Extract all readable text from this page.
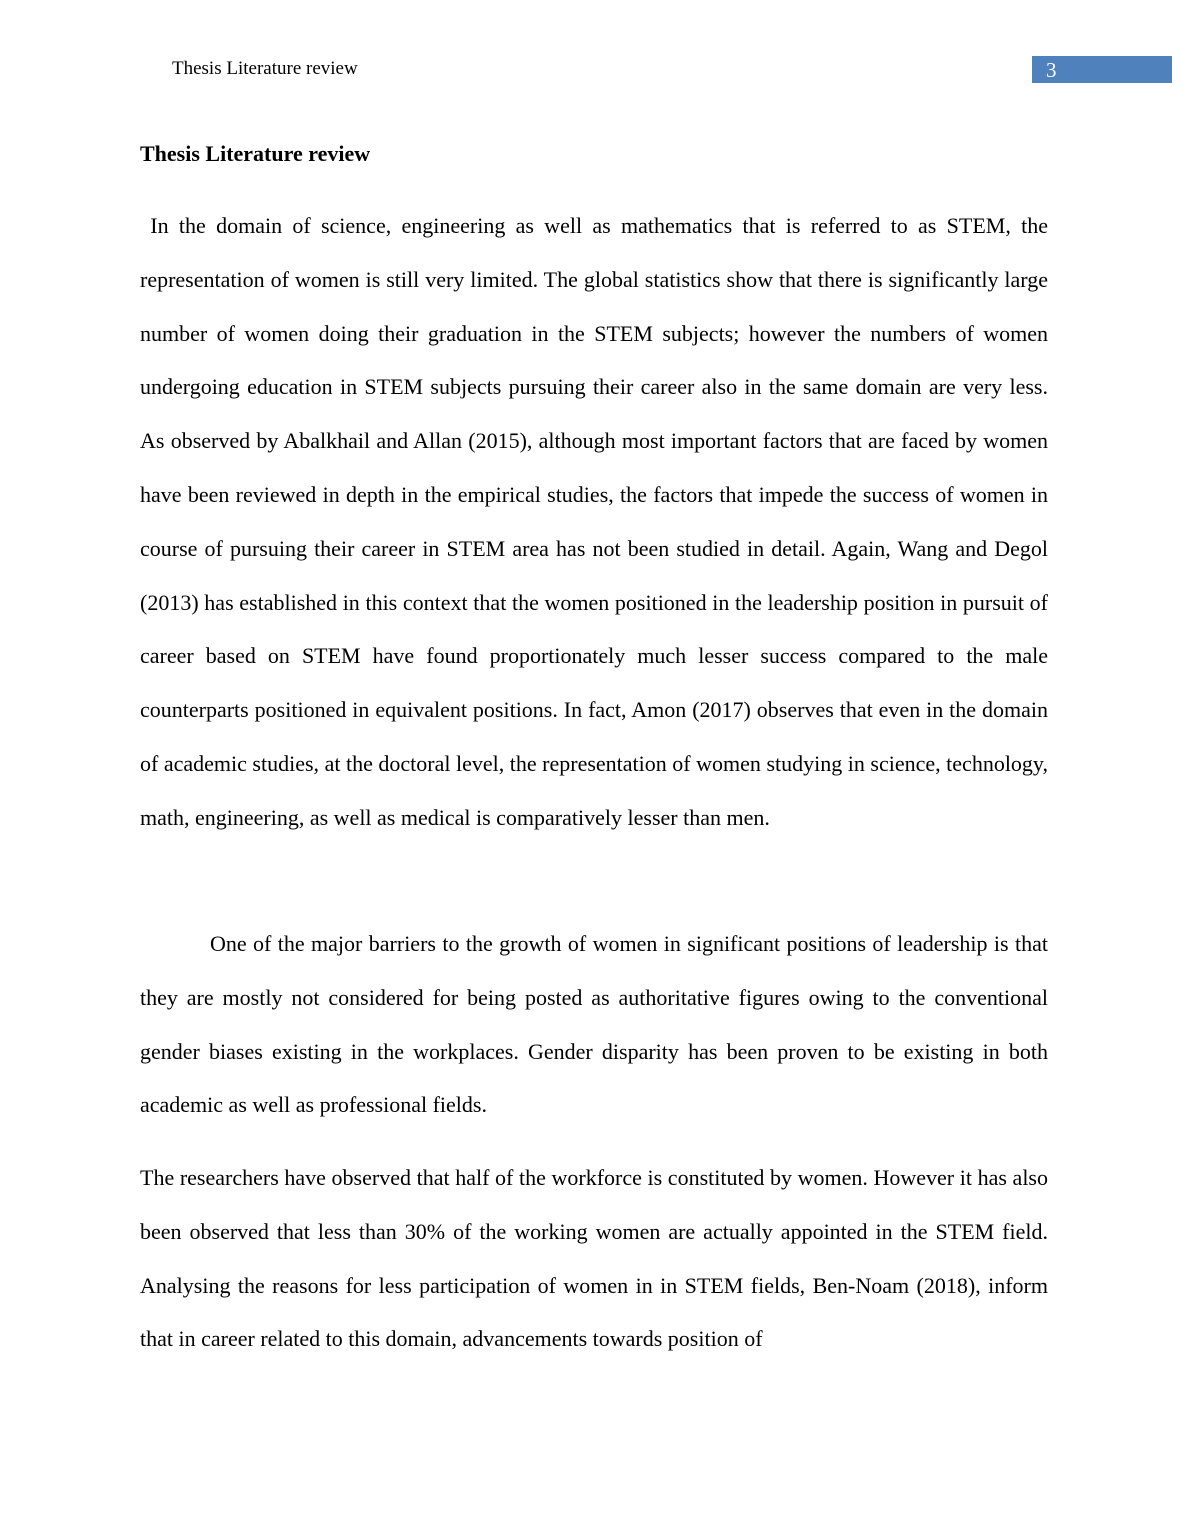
Thesis Literature review	3
Thesis Literature review

In the domain of science, engineering as well as mathematics that is referred to as STEM, the representation of women is still very limited. The global statistics show that there is significantly large number of women doing their graduation in the STEM subjects; however the numbers of women undergoing education in STEM subjects pursuing their career also in the same domain are very less. As observed by Abalkhail and Allan (2015), although most important factors that are faced by women have been reviewed in depth in the empirical studies, the factors that impede the success of women in course of pursuing their career in STEM area has not been studied in detail. Again, Wang and Degol (2013) has established in this context that the women positioned in the leadership position in pursuit of career based on STEM have found proportionately much lesser success compared to the male counterparts positioned in equivalent positions. In fact, Amon (2017) observes that even in the domain of academic studies, at the doctoral level, the representation of women studying in science, technology, math, engineering, as well as medical is comparatively lesser than men.

One of the major barriers to the growth of women in significant positions of leadership is that they are mostly not considered for being posted as authoritative figures owing to the conventional gender biases existing in the workplaces. Gender disparity has been proven to be existing in both academic as well as professional fields.

The researchers have observed that half of the workforce is constituted by women. However it has also been observed that less than 30% of the working women are actually appointed in the STEM field. Analysing the reasons for less participation of women in in STEM fields, Ben-Noam (2018), inform that in career related to this domain, advancements towards position of
